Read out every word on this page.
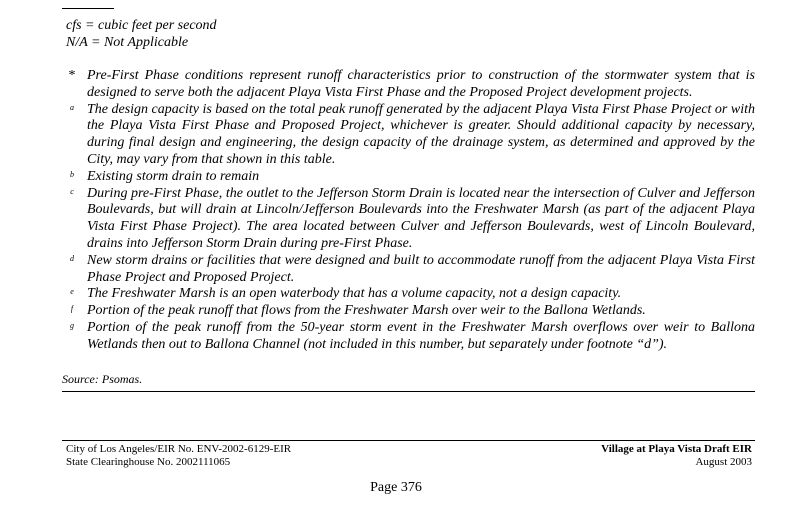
cfs = cubic feet per second
N/A = Not Applicable
* Pre-First Phase conditions represent runoff characteristics prior to construction of the stormwater system that is designed to serve both the adjacent Playa Vista First Phase and the Proposed Project development projects.
a The design capacity is based on the total peak runoff generated by the adjacent Playa Vista First Phase Project or with the Playa Vista First Phase and Proposed Project, whichever is greater. Should additional capacity by necessary, during final design and engineering, the design capacity of the drainage system, as determined and approved by the City, may vary from that shown in this table.
b Existing storm drain to remain
c During pre-First Phase, the outlet to the Jefferson Storm Drain is located near the intersection of Culver and Jefferson Boulevards, but will drain at Lincoln/Jefferson Boulevards into the Freshwater Marsh (as part of the adjacent Playa Vista First Phase Project). The area located between Culver and Jefferson Boulevards, west of Lincoln Boulevard, drains into Jefferson Storm Drain during pre-First Phase.
d New storm drains or facilities that were designed and built to accommodate runoff from the adjacent Playa Vista First Phase Project and Proposed Project.
e The Freshwater Marsh is an open waterbody that has a volume capacity, not a design capacity.
f Portion of the peak runoff that flows from the Freshwater Marsh over weir to the Ballona Wetlands.
g Portion of the peak runoff from the 50-year storm event in the Freshwater Marsh overflows over weir to Ballona Wetlands then out to Ballona Channel (not included in this number, but separately under footnote “d”).
Source: Psomas.
City of Los Angeles/EIR No. ENV-2002-6129-EIR
State Clearinghouse No. 2002111065
Village at Playa Vista Draft EIR
August 2003
Page 376
